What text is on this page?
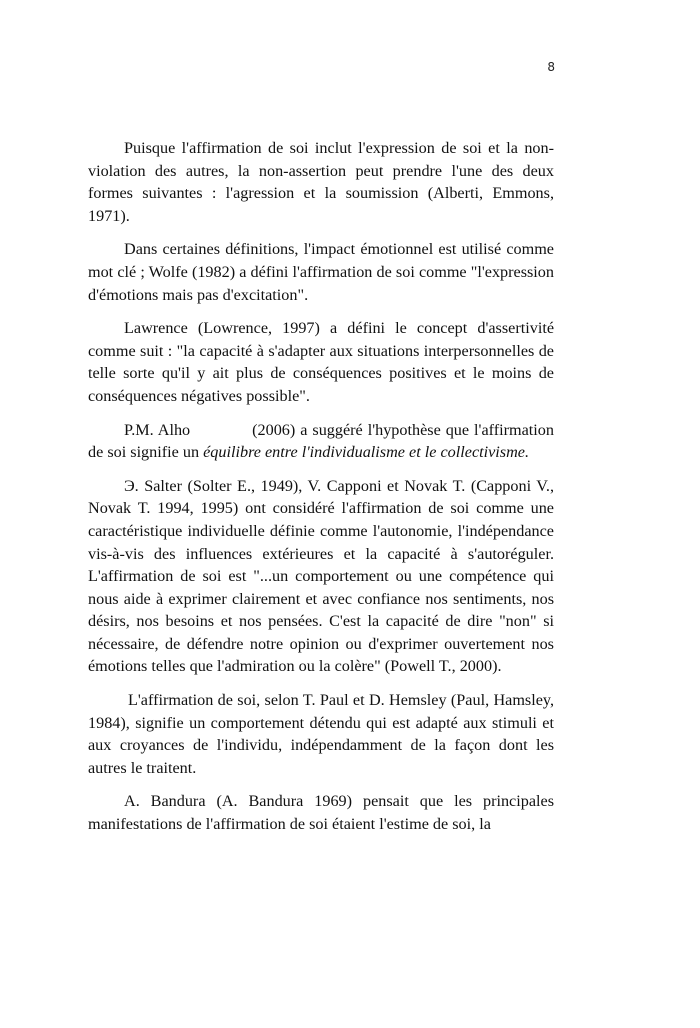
8

Puisque l'affirmation de soi inclut l'expression de soi et la non-violation des autres, la non-assertion peut prendre l'une des deux formes suivantes : l'agression et la soumission (Alberti, Emmons, 1971).

Dans certaines définitions, l'impact émotionnel est utilisé comme mot clé ; Wolfe (1982) a défini l'affirmation de soi comme "l'expression d'émotions mais pas d'excitation".

Lawrence (Lowrence, 1997) a défini le concept d'assertivité comme suit : "la capacité à s'adapter aux situations interpersonnelles de telle sorte qu'il y ait plus de conséquences positives et le moins de conséquences négatives possible".

P.M. Alho	(2006) a suggéré l'hypothèse que l'affirmation de soi signifie un équilibre entre l'individualisme et le collectivisme.

Э. Salter (Solter E., 1949), V. Capponi et Novak T. (Capponi V., Novak T. 1994, 1995) ont considéré l'affirmation de soi comme une caractéristique individuelle définie comme l'autonomie, l'indépendance vis-à-vis des influences extérieures et la capacité à s'autoréguler. L'affirmation de soi est "...un comportement ou une compétence qui nous aide à exprimer clairement et avec confiance nos sentiments, nos désirs, nos besoins et nos pensées. C'est la capacité de dire "non" si nécessaire, de défendre notre opinion ou d'exprimer ouvertement nos émotions telles que l'admiration ou la colère" (Powell T., 2000).

L'affirmation de soi, selon T. Paul et D. Hemsley (Paul, Hamsley, 1984), signifie un comportement détendu qui est adapté aux stimuli et aux croyances de l'individu, indépendamment de la façon dont les autres le traitent.

A. Bandura (A. Bandura 1969) pensait que les principales manifestations de l'affirmation de soi étaient l'estime de soi, la
